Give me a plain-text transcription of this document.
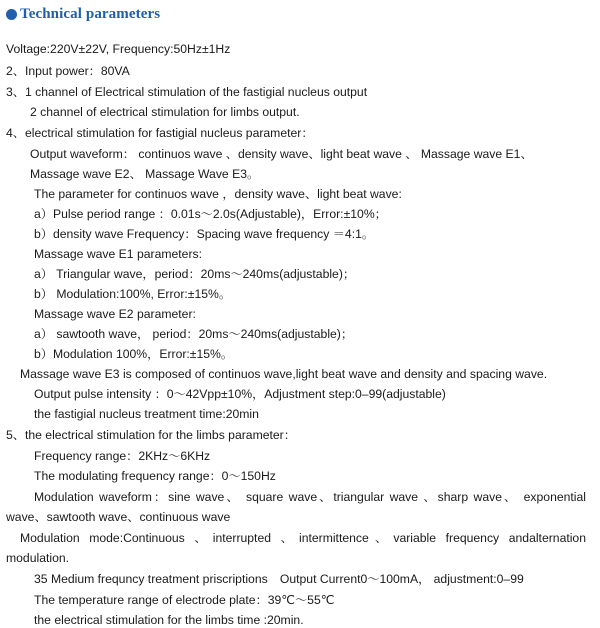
Technical parameters
Voltage:220V±22V, Frequency:50Hz±1Hz
2、Input power：80VA
3、1 channel of Electrical stimulation of the fastigial nucleus output
2 channel of electrical stimulation for limbs output.
4、electrical stimulation for fastigial nucleus parameter：
Output waveform： continuos wave 、density wave、light beat wave 、 Massage wave E1、
Massage wave E2、 Massage Wave E3。
The parameter for continuos wave ，density wave、light beat wave:
a）Pulse period range ：0.01s～2.0s(Adjustable)，Error:±10%；
b）density wave Frequency：Spacing wave frequency ＝4:1。
Massage wave E1 parameters:
a） Triangular wave，period：20ms～240ms(adjustable)；
b） Modulation:100%, Error:±15%。
Massage wave E2 parameter:
a） sawtooth wave， period：20ms～240ms(adjustable)；
b）Modulation 100%，Error:±15%。
Massage wave E3 is composed of continuos wave,light beat wave and density and spacing wave.
Output pulse intensity ：0～42Vpp±10%，Adjustment step:0–99(adjustable)
the fastigial nucleus treatment time:20min
5、the electrical stimulation for the limbs parameter：
Frequency range：2KHz～6KHz
The modulating frequency range：0～150Hz
Modulation waveform：sine wave、 square wave、triangular wave 、sharp wave、 exponential
wave、sawtooth wave、continuous wave
Modulation mode:Continuous 、interrupted 、intermittence、variable frequency andalternation
modulation.
35 Medium frequncy treatment priscriptions　Output Current0～100mA， adjustment:0–99
The temperature range of electrode plate：39℃～55℃
the electrical stimulation for the limbs time :20min.
